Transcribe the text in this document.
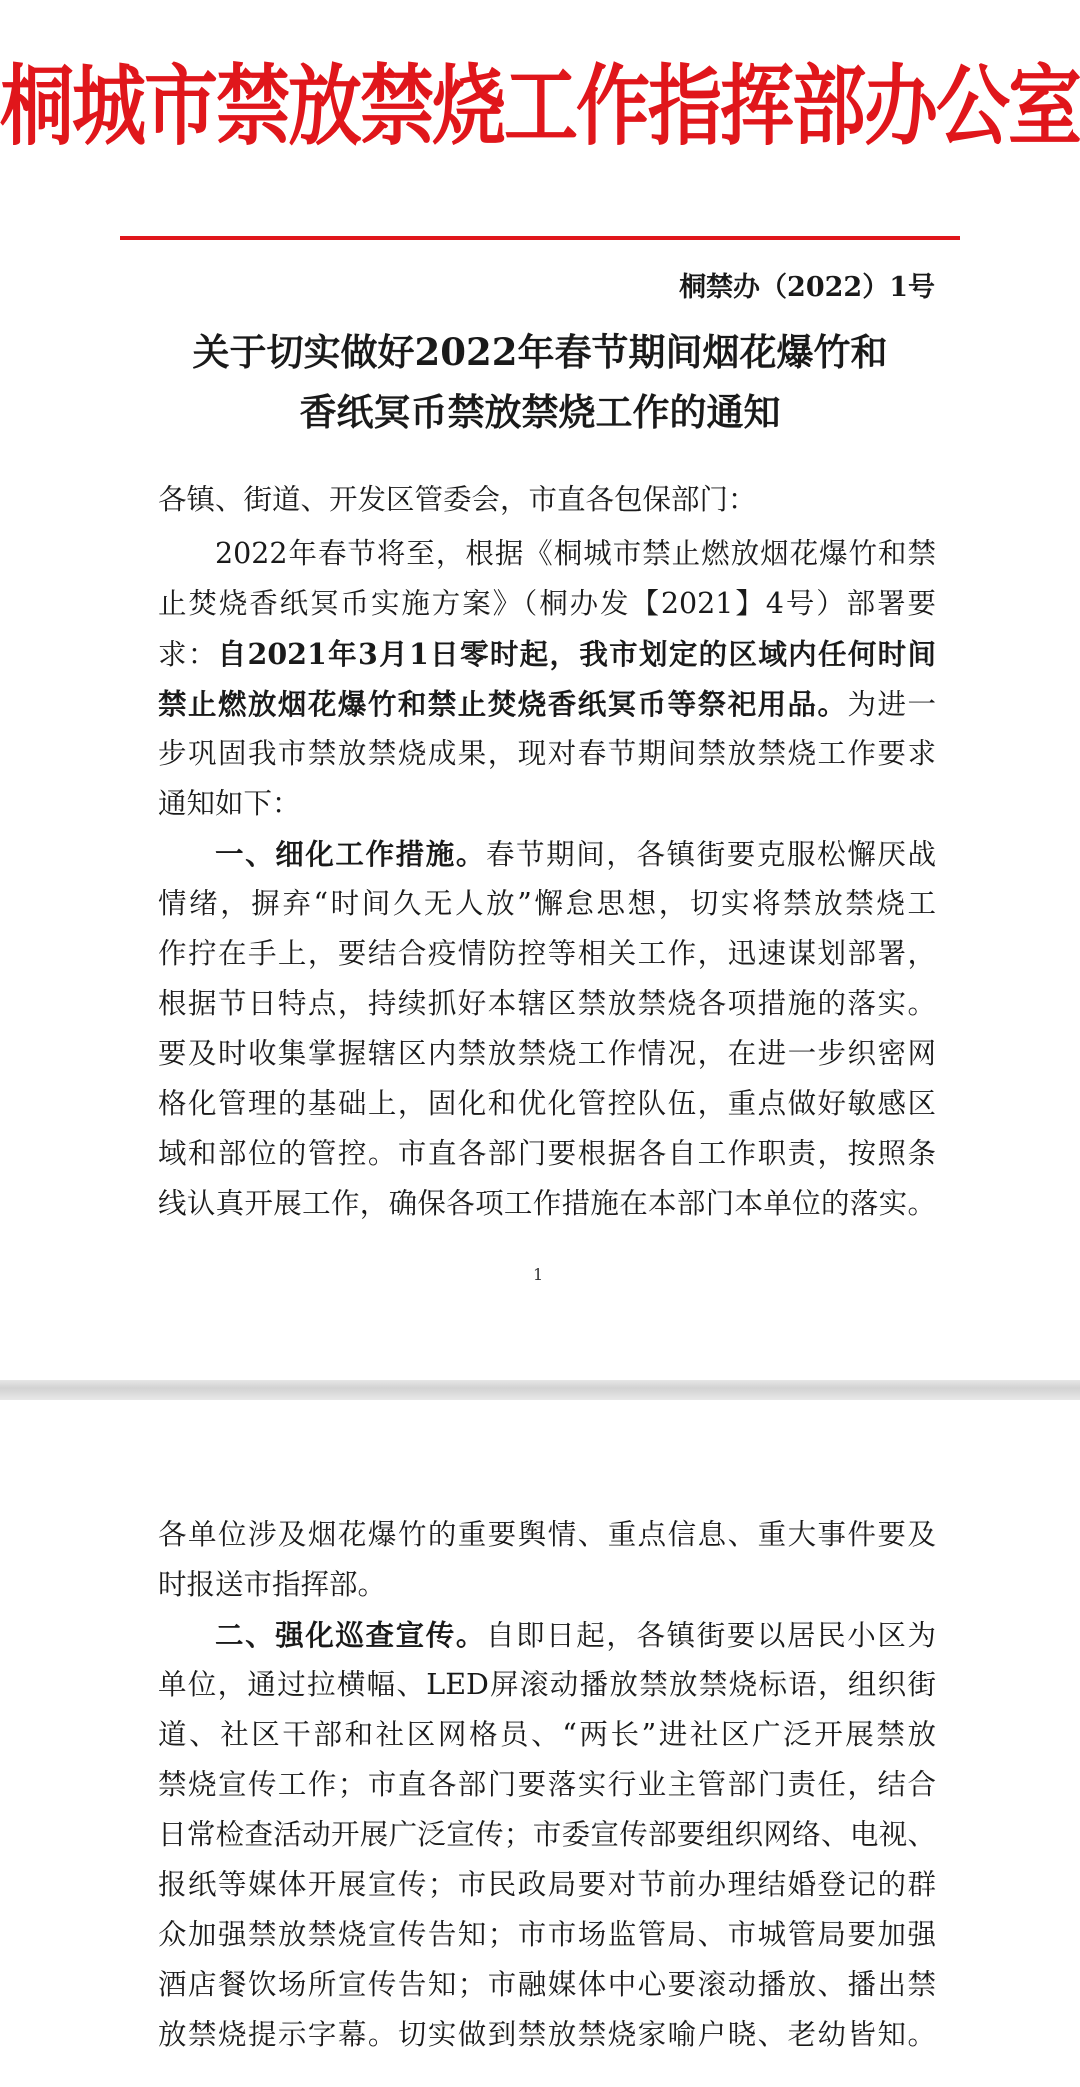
桐城市禁放禁烧工作指挥部办公室
桐禁办（2022）1号
关于切实做好2022年春节期间烟花爆竹和
香纸冥币禁放禁烧工作的通知
各镇、街道、开发区管委会，市直各包保部门：
2022年春节将至，根据《桐城市禁止燃放烟花爆竹和禁
止焚烧香纸冥币实施方案》（桐办发【2021】4号）部署要
求：自2021年3月1日零时起，我市划定的区域内任何时间
禁止燃放烟花爆竹和禁止焚烧香纸冥币等祭祀用品。为进一
步巩固我市禁放禁烧成果，现对春节期间禁放禁烧工作要求
通知如下：
一、细化工作措施。春节期间，各镇街要克服松懈厌战
情绪，摒弃“时间久无人放”懈怠思想，切实将禁放禁烧工
作拧在手上，要结合疫情防控等相关工作，迅速谋划部署，
根据节日特点，持续抓好本辖区禁放禁烧各项措施的落实。
要及时收集掌握辖区内禁放禁烧工作情况，在进一步织密网
格化管理的基础上，固化和优化管控队伍，重点做好敏感区
域和部位的管控。市直各部门要根据各自工作职责，按照条
线认真开展工作，确保各项工作措施在本部门本单位的落实。
1
各单位涉及烟花爆竹的重要舆情、重点信息、重大事件要及
时报送市指挥部。
二、强化巡查宣传。自即日起，各镇街要以居民小区为
单位，通过拉横幅、LED屏滚动播放禁放禁烧标语，组织街
道、社区干部和社区网格员、“两长”进社区广泛开展禁放
禁烧宣传工作；市直各部门要落实行业主管部门责任，结合
日常检查活动开展广泛宣传；市委宣传部要组织网络、电视、
报纸等媒体开展宣传；市民政局要对节前办理结婚登记的群
众加强禁放禁烧宣传告知；市市场监管局、市城管局要加强
酒店餐饮场所宣传告知；市融媒体中心要滚动播放、播出禁
放禁烧提示字幕。切实做到禁放禁烧家喻户晓、老幼皆知。
